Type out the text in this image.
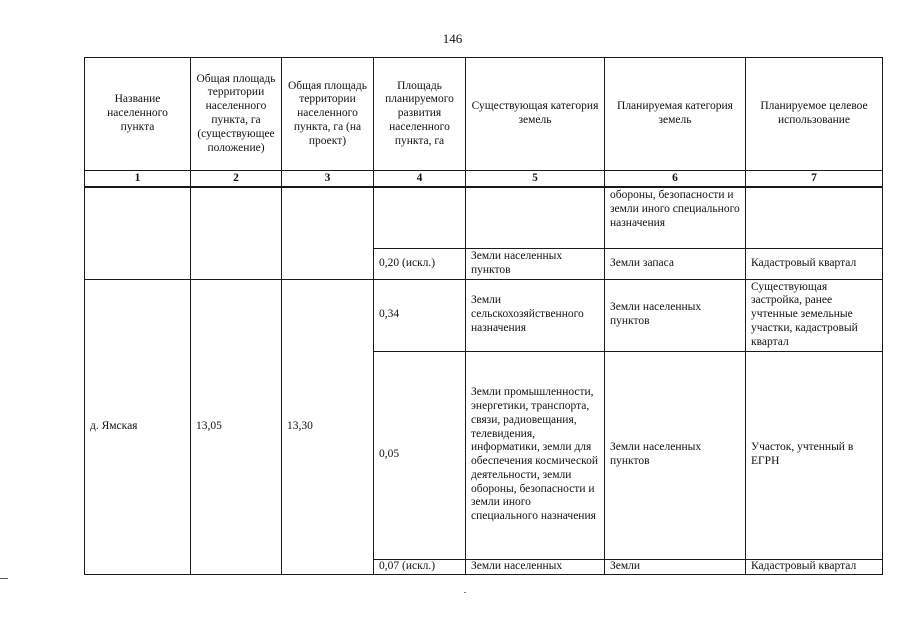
146
Название населенного пункта	Общая площадь территории населенного пункта, га (существующее положение)	Общая площадь территории населенного пункта, га (на проект)	Площадь планируемого развития населенного пункта, га	Существующая категория земель	Планируемая категория земель	Планируемое целевое использование
1	2	3	4	5	6	7
					обороны, безопасности и земли иного специального назначения	
			0,20 (искл.)	Земли населенных пунктов	Земли запаса	Кадастровый квартал
д. Ямская	13,05	13,30	0,34	Земли сельскохозяйственного назначения	Земли населенных пунктов	Существующая застройка, ранее учтенные земельные участки, кадастровый квартал
			0,05	Земли промышленности, энергетики, транспорта, связи, радиовещания, телевидения, информатики, земли для обеспечения космической деятельности, земли обороны, безопасности и земли иного специального назначения	Земли населенных пунктов	Участок, учтенный в ЕГРН
			0,07 (искл.)	Земли населенных	Земли	Кадастровый квартал
